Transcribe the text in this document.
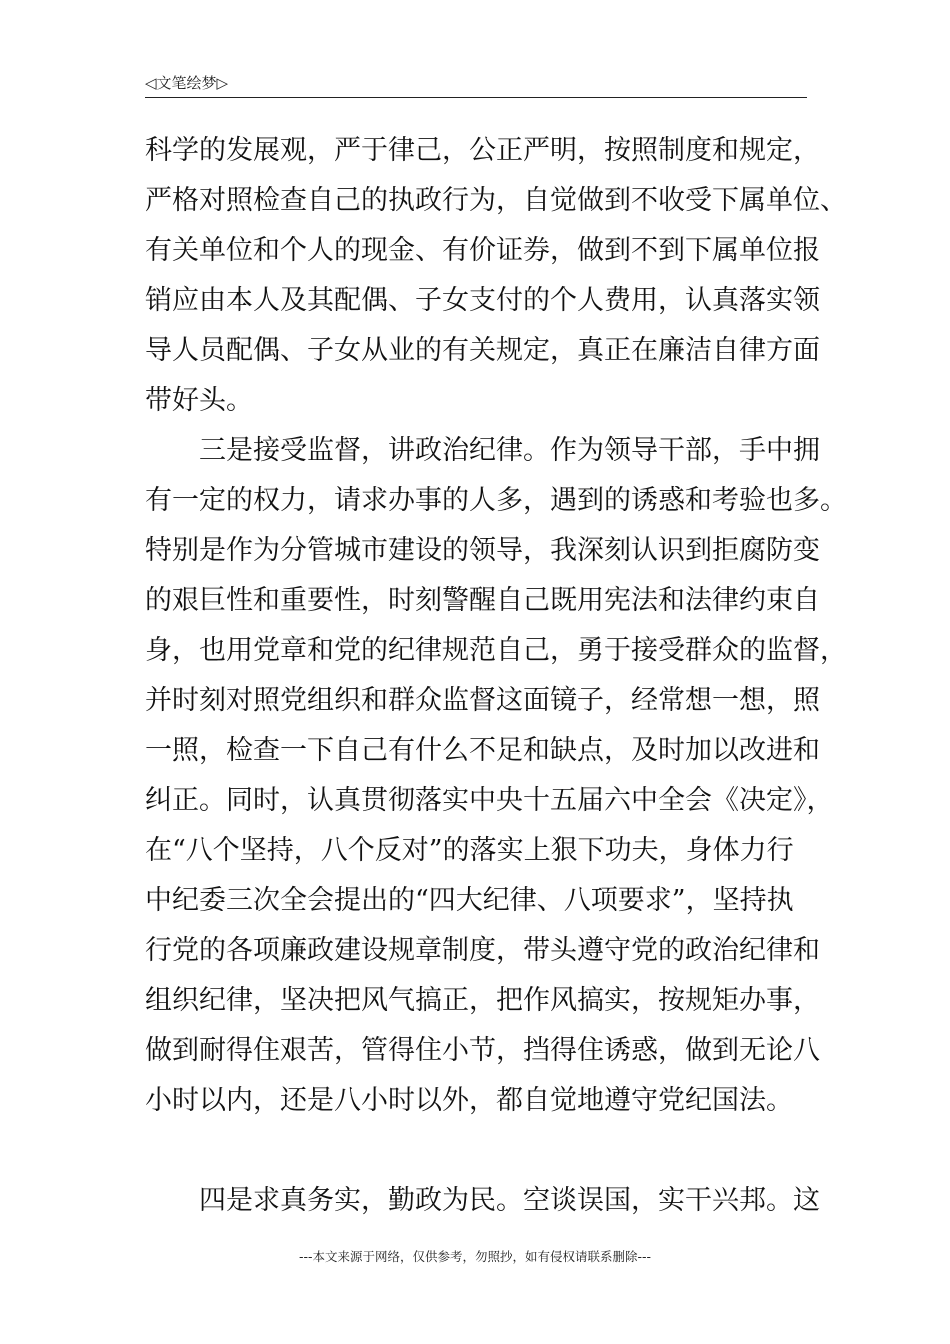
◁文笔绘梦▷
科学的发展观，严于律己，公正严明，按照制度和规定，
严格对照检查自己的执政行为，自觉做到不收受下属单位、
有关单位和个人的现金、有价证券，做到不到下属单位报
销应由本人及其配偶、子女支付的个人费用，认真落实领
导人员配偶、子女从业的有关规定，真正在廉洁自律方面
带好头。
三是接受监督，讲政治纪律。作为领导干部，手中拥
有一定的权力，请求办事的人多，遇到的诱惑和考验也多。
特别是作为分管城市建设的领导，我深刻认识到拒腐防变
的艰巨性和重要性，时刻警醒自己既用宪法和法律约束自
身，也用党章和党的纪律规范自己，勇于接受群众的监督，
并时刻对照党组织和群众监督这面镜子，经常想一想，照
一照，检查一下自己有什么不足和缺点，及时加以改进和
纠正。同时，认真贯彻落实中央十五届六中全会《决定》，
在“八个坚持，八个反对”的落实上狠下功夫，身体力行
中纪委三次全会提出的“四大纪律、八项要求”，坚持执
行党的各项廉政建设规章制度，带头遵守党的政治纪律和
组织纪律，坚决把风气搞正，把作风搞实，按规矩办事，
做到耐得住艰苦，管得住小节，挡得住诱惑，做到无论八
小时以内，还是八小时以外，都自觉地遵守党纪国法。
四是求真务实，勤政为民。空谈误国，实干兴邦。这
---本文来源于网络，仅供参考，勿照抄，如有侵权请联系删除---
